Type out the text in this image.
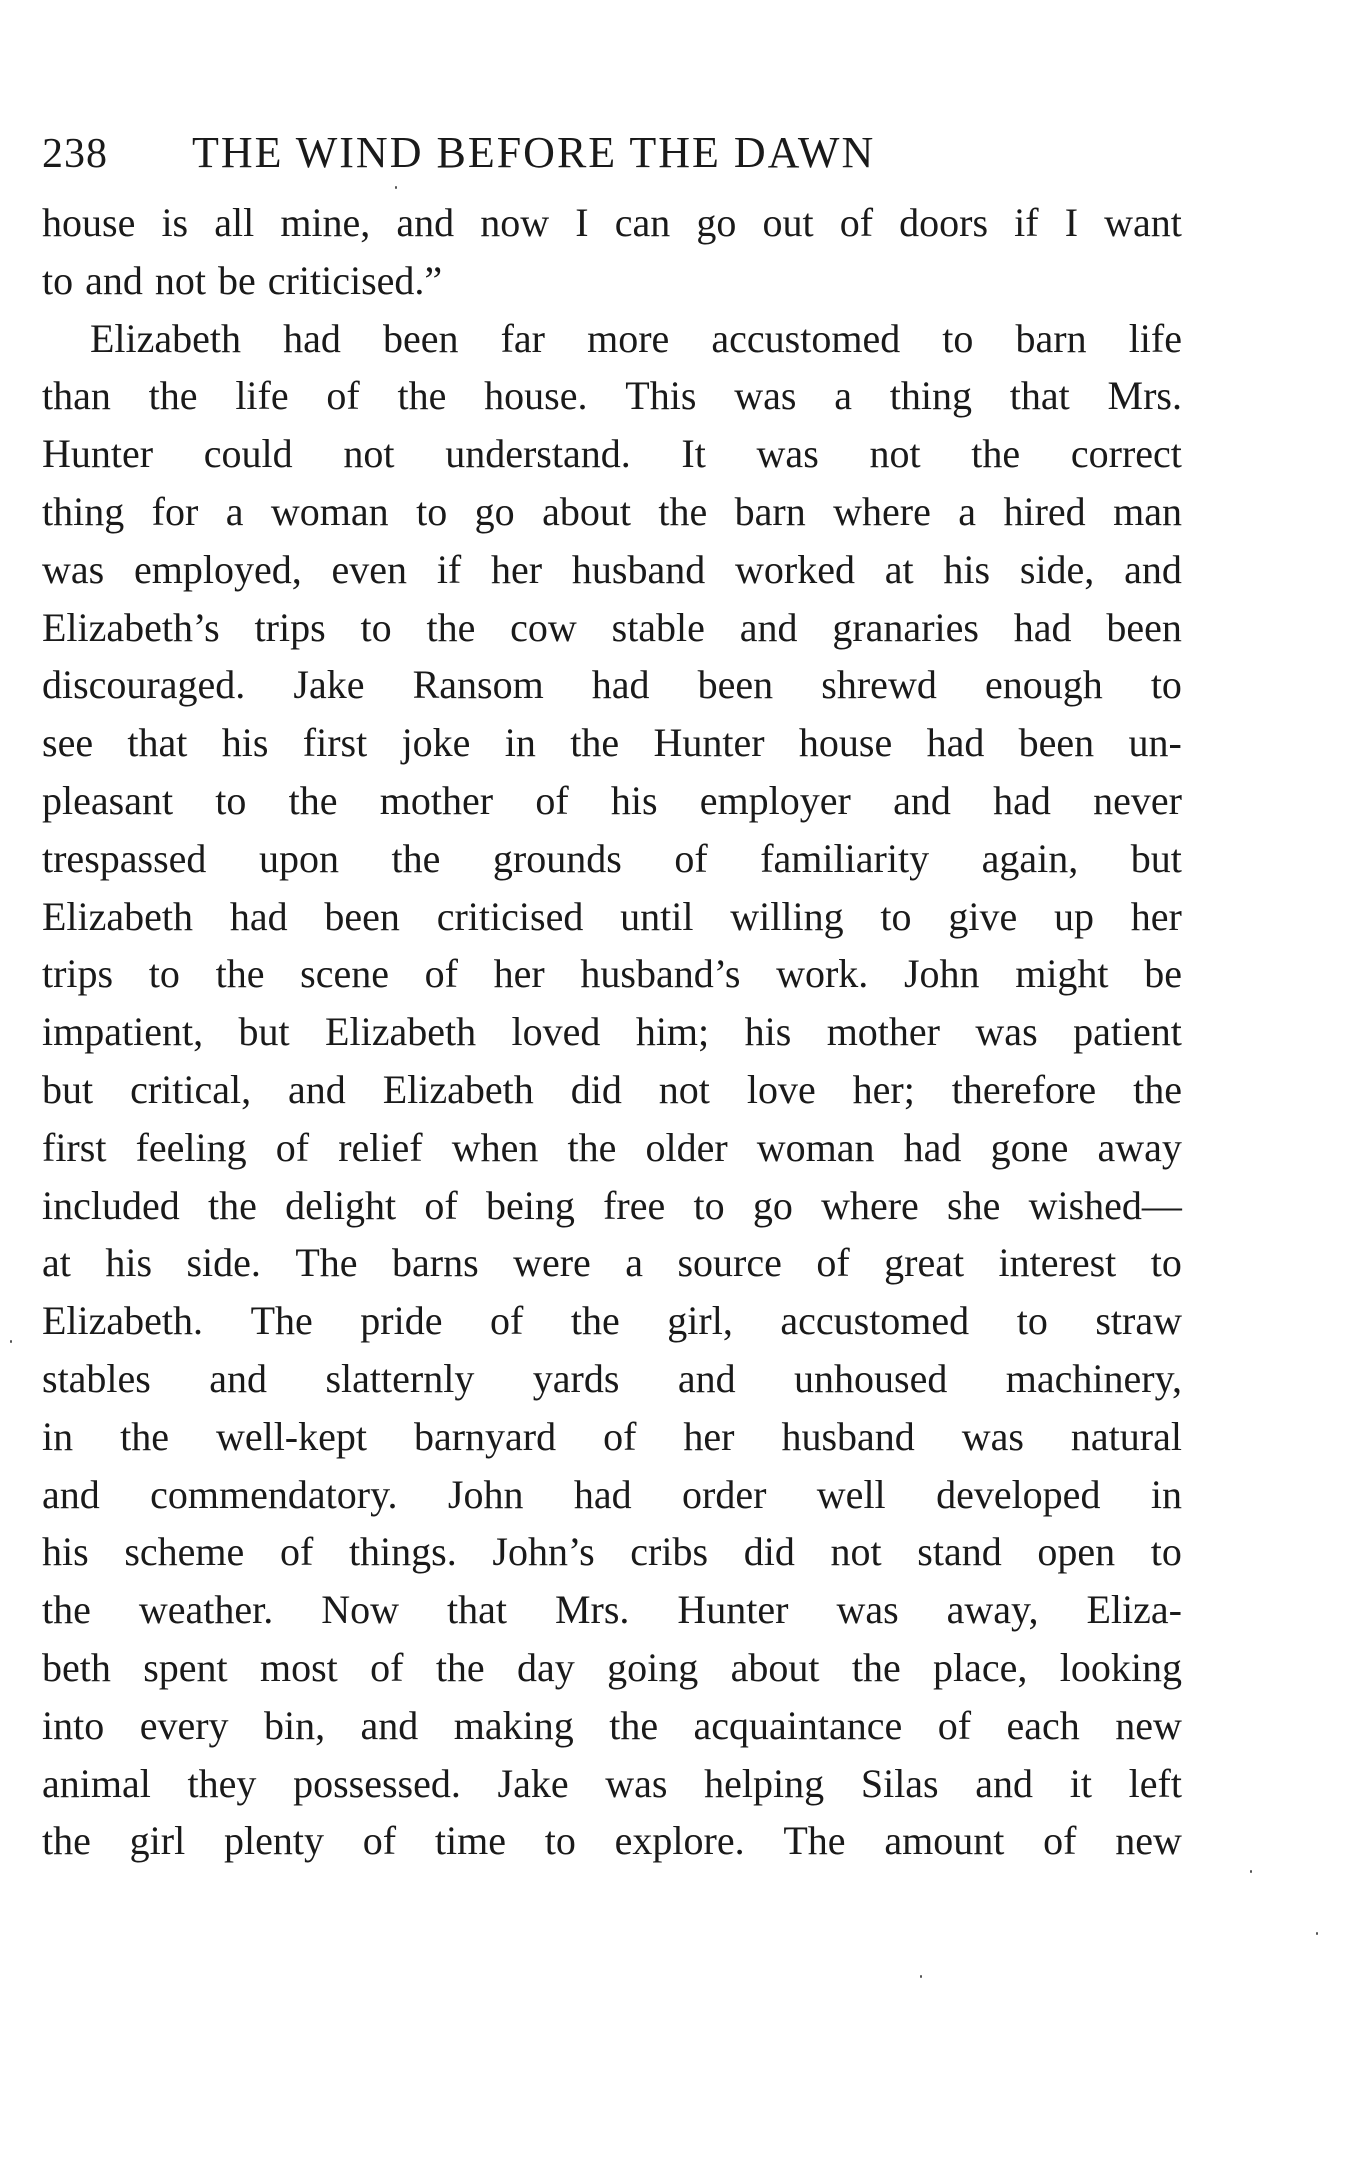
238	THE WIND BEFORE THE DAWN
house is all mine, and now I can go out of doors if I want
to and not be criticised.”
Elizabeth had been far more accustomed to barn life
than the life of the house. This was a thing that Mrs.
Hunter could not understand. It was not the correct
thing for a woman to go about the barn where a hired man
was employed, even if her husband worked at his side, and
Elizabeth’s trips to the cow stable and granaries had been
discouraged. Jake Ransom had been shrewd enough to
see that his first joke in the Hunter house had been un-
pleasant to the mother of his employer and had never
trespassed upon the grounds of familiarity again, but
Elizabeth had been criticised until willing to give up her
trips to the scene of her husband’s work. John might be
impatient, but Elizabeth loved him; his mother was patient
but critical, and Elizabeth did not love her; therefore the
first feeling of relief when the older woman had gone away
included the delight of being free to go where she wished—
at his side. The barns were a source of great interest to
Elizabeth. The pride of the girl, accustomed to straw
stables and slatternly yards and unhoused machinery,
in the well-kept barnyard of her husband was natural
and commendatory. John had order well developed in
his scheme of things. John’s cribs did not stand open to
the weather. Now that Mrs. Hunter was away, Eliza-
beth spent most of the day going about the place, looking
into every bin, and making the acquaintance of each new
animal they possessed. Jake was helping Silas and it left
the girl plenty of time to explore. The amount of new
